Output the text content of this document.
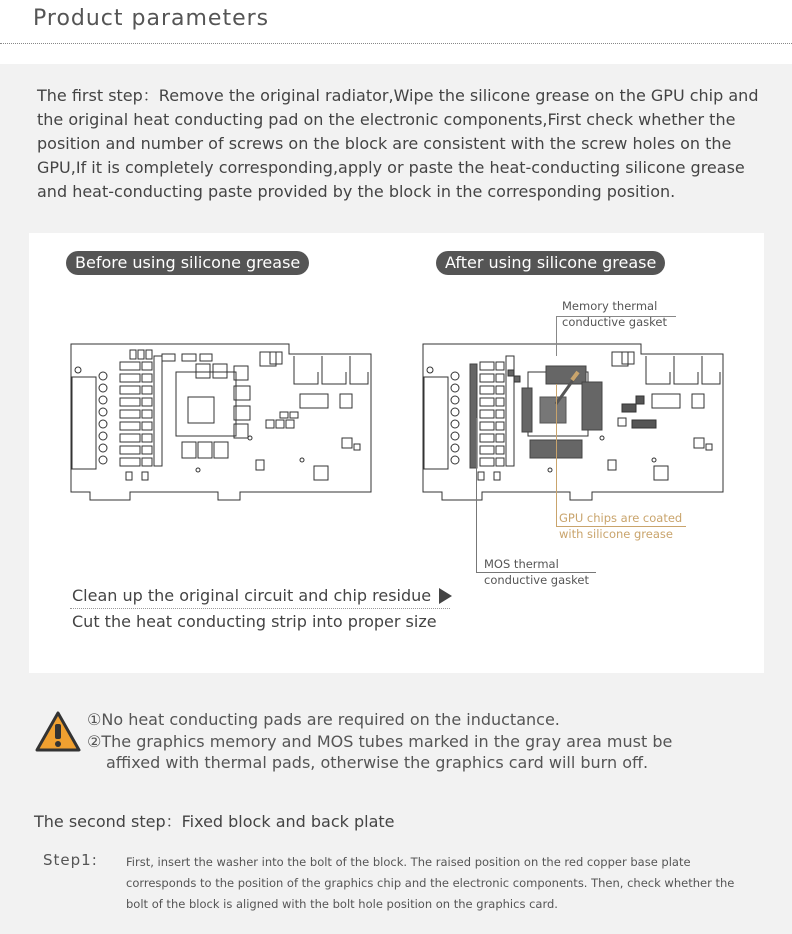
Product parameters
The first step：Remove the original radiator,Wipe the silicone grease on the GPU chip and the original heat conducting pad on the electronic components,First check whether the position and number of screws on the block are consistent with the screw holes on the GPU,If it is completely corresponding,apply or paste the heat-conducting silicone grease and heat-conducting paste provided by the block in the corresponding position.
Before using silicone grease	After using silicone grease
Memory thermal
conductive gasket
GPU chips are coated
with silicone grease
MOS thermal
conductive gasket
Clean up the original circuit and chip residue
Cut the heat conducting strip into proper size
①No heat conducting pads are required on the inductance.
②The graphics memory and MOS tubes marked in the gray area must be
affixed with thermal pads, otherwise the graphics card will burn off.
The second step：Fixed block and back plate
Step1: First, insert the washer into the bolt of the block. The raised position on the red copper base plate corresponds to the position of the graphics chip and the electronic components. Then, check whether the bolt of the block is aligned with the bolt hole position on the graphics card.
